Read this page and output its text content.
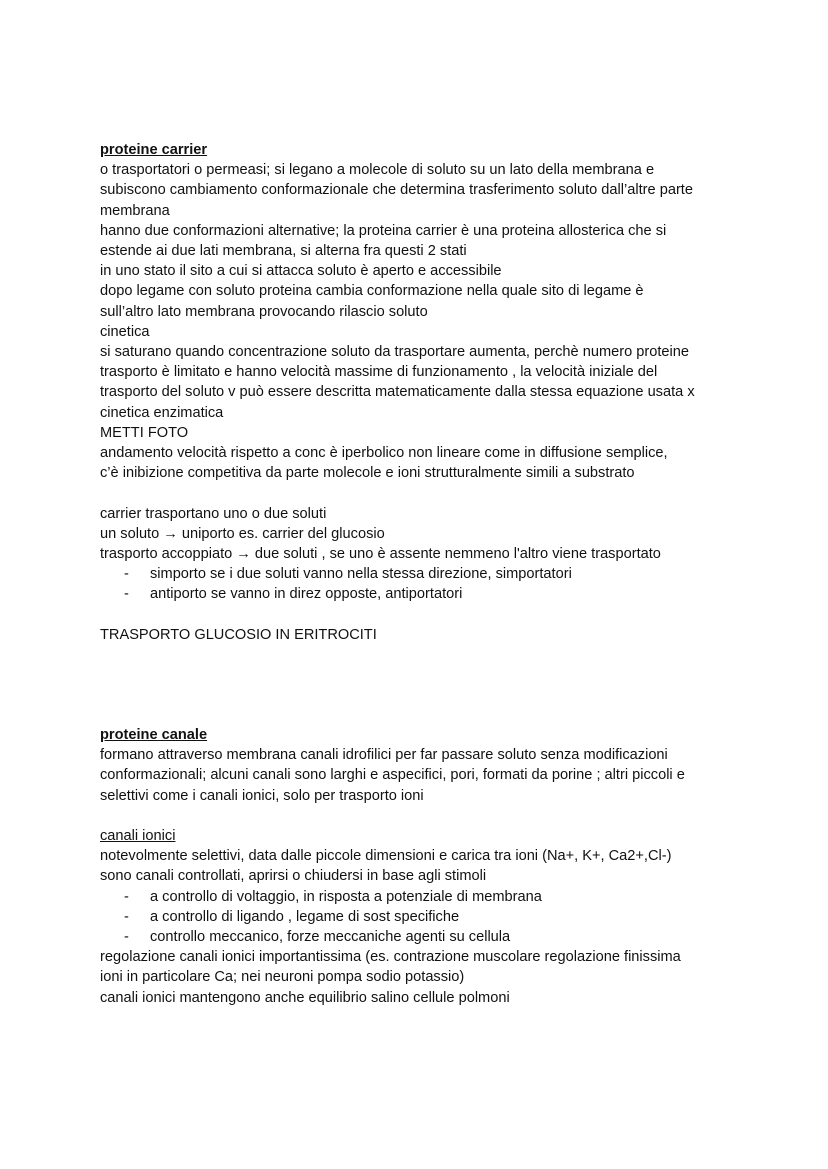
proteine carrier
o trasportatori o permeasi; si legano a molecole di soluto su un lato della membrana e
subiscono cambiamento conformazionale che determina trasferimento soluto dall’altre parte
membrana
hanno due conformazioni alternative; la proteina carrier è una proteina allosterica che si
estende ai due lati membrana, si alterna fra questi 2 stati
in uno stato il sito a cui si attacca soluto è aperto e accessibile
dopo legame con soluto proteina cambia conformazione nella quale sito di legame è
sull’altro lato membrana provocando rilascio soluto
cinetica
si saturano quando concentrazione soluto da trasportare aumenta, perchè numero proteine
trasporto è limitato e hanno velocità massime di funzionamento , la velocità iniziale del
trasporto del soluto v può essere descritta matematicamente dalla stessa equazione usata x
cinetica enzimatica
METTI FOTO
andamento velocità rispetto a conc è iperbolico non lineare come in diffusione semplice,
c’è inibizione competitiva da parte molecole e ioni strutturalmente simili a substrato
carrier trasportano uno o due soluti
un soluto → uniporto es. carrier del glucosio
trasporto accoppiato → due soluti , se uno è assente nemmeno l'altro viene trasportato
- simporto se i due soluti vanno nella stessa direzione, simportatori
- antiporto se vanno in direz opposte, antiportatori
TRASPORTO GLUCOSIO IN ERITROCITI
proteine canale
formano attraverso membrana canali idrofilici per far passare soluto senza modificazioni
conformazionali; alcuni canali sono larghi e aspecifici, pori, formati da porine ; altri piccoli e
selettivi come i canali ionici, solo per trasporto ioni
canali ionici
notevolmente selettivi, data dalle piccole dimensioni e carica tra ioni (Na+, K+, Ca2+,Cl-)
sono canali controllati, aprirsi o chiudersi in base agli stimoli
- a controllo di voltaggio, in risposta a potenziale di membrana
- a controllo di ligando , legame di sost specifiche
- controllo meccanico, forze meccaniche agenti su cellula
regolazione canali ionici importantissima (es. contrazione muscolare regolazione finissima
ioni in particolare Ca; nei neuroni pompa sodio potassio)
canali ionici mantengono anche equilibrio salino cellule polmoni
